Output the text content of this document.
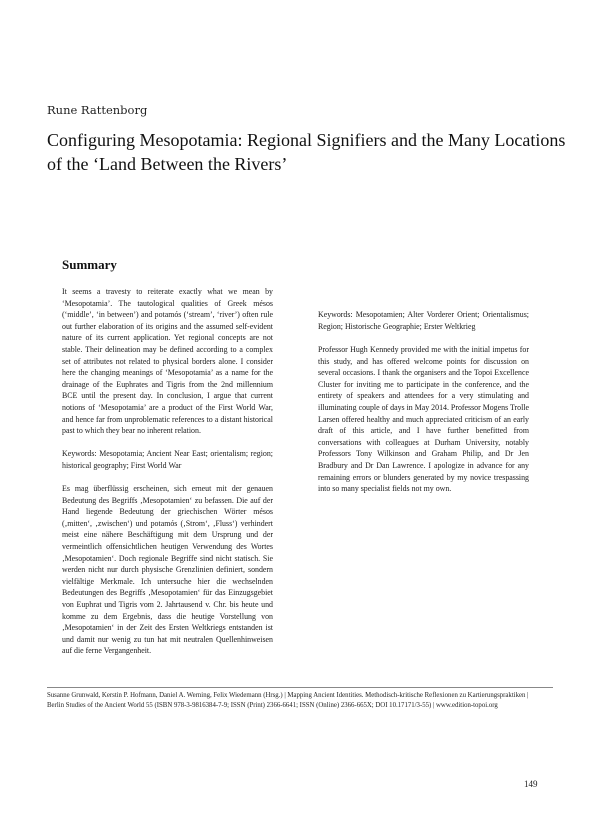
Rune Rattenborg
Configuring Mesopotamia: Regional Signifiers and the Many Locations of the ‘Land Between the Rivers’
Summary

It seems a travesty to reiterate exactly what we mean by ‘Mesopotamia’. The tautological qualities of Greek mésos (‘middle’, ‘in between’) and potamós (‘stream’, ‘river’) often rule out further elaboration of its origins and the assumed self-evident nature of its current application. Yet regional concepts are not stable. Their delineation may be defined according to a complex set of attributes not related to physical borders alone. I consider here the changing meanings of ‘Mesopotamia’ as a name for the drainage of the Euphrates and Tigris from the 2nd millennium BCE until the present day. In conclusion, I argue that current notions of ‘Mesopotamia’ are a product of the First World War, and hence far from unproblematic references to a distant historical past to which they bear no inherent relation.

Keywords: Mesopotamia; Ancient Near East; orientalism; region; historical geography; First World War

Es mag überflüssig erscheinen, sich erneut mit der genauen Bedeutung des Begriffs ‚Mesopotamien‘ zu befassen. Die auf der Hand liegende Bedeutung der griechischen Wörter mésos (‚mitten‘, ‚zwischen‘) und potamós (‚Strom‘, ‚Fluss‘) verhindert meist eine nähere Beschäftigung mit dem Ursprung und der vermeintlich offensichtlichen heutigen Verwendung des Wortes ‚Mesopotamien‘. Doch regionale Begriffe sind nicht statisch. Sie werden nicht nur durch physische Grenzlinien definiert, sondern vielfältige Merkmale. Ich untersuche hier die wechselnden Bedeutungen des Begriffs ‚Mesopotamien‘ für das Einzugsgebiet von Euphrat und Tigris vom 2. Jahrtausend v. Chr. bis heute und komme zu dem Ergebnis, dass die heutige Vorstellung von ‚Mesopotamien‘ in der Zeit des Ersten Weltkriegs entstanden ist und damit nur wenig zu tun hat mit neutralen Quellenhinweisen auf die ferne Vergangenheit.

Keywords: Mesopotamien; Alter Vorderer Orient; Orientalismus; Region; Historische Geographie; Erster Weltkrieg

Professor Hugh Kennedy provided me with the initial impetus for this study, and has offered welcome points for discussion on several occasions. I thank the organisers and the Topoi Excellence Cluster for inviting me to participate in the conference, and the entirety of speakers and attendees for a very stimulating and illuminating couple of days in May 2014. Professor Mogens Trolle Larsen offered healthy and much appreciated criticism of an early draft of this article, and I have further benefitted from conversations with colleagues at Durham University, notably Professors Tony Wilkinson and Graham Philip, and Dr Jen Bradbury and Dr Dan Lawrence. I apologize in advance for any remaining errors or blunders generated by my novice trespassing into so many specialist fields not my own.

Susanne Grunwald, Kerstin P. Hofmann, Daniel A. Werning, Felix Wiedemann (Hrsg.) | Mapping Ancient Identities. Methodisch-kritische Reflexionen zu Kartierungspraktiken | Berlin Studies of the Ancient World 55 (ISBN 978-3-9816384-7-9; ISSN (Print) 2366-6641; ISSN (Online) 2366-665X; DOI 10.17171/3-55) | www.edition-topoi.org
149
